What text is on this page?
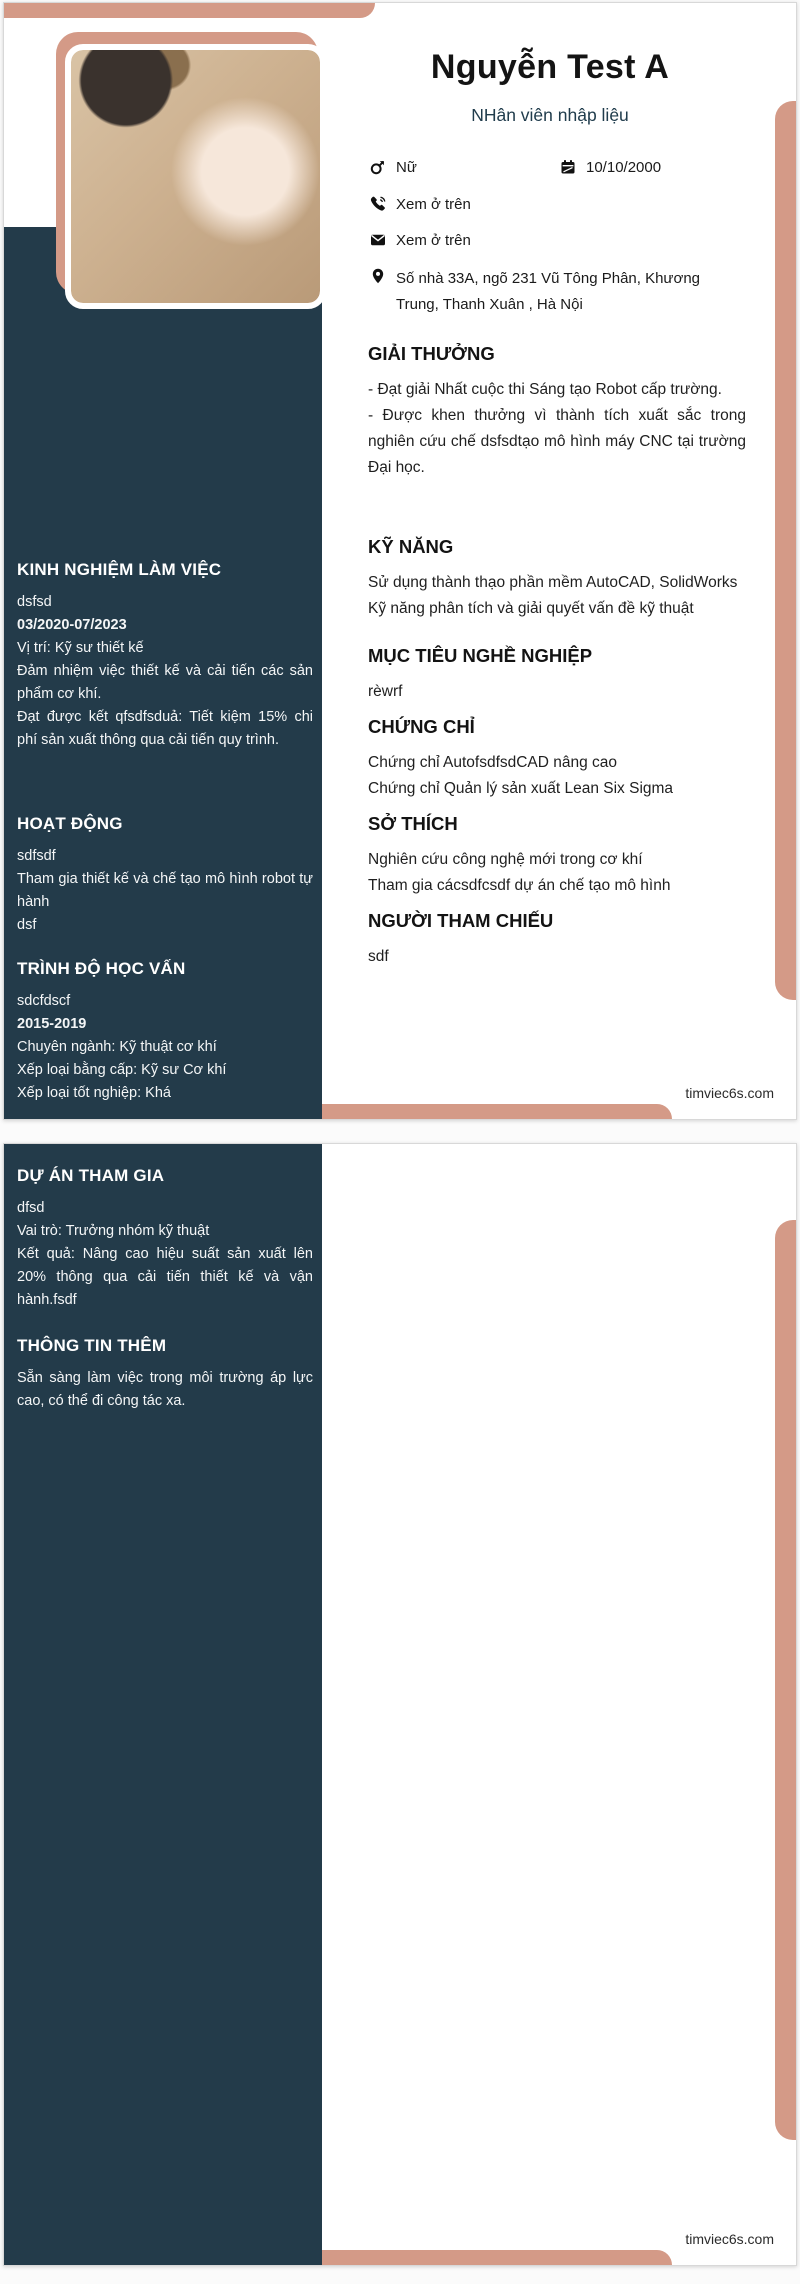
KINH NGHIỆM LÀM VIỆC

dsfsd

03/2020-07/2023

Vị trí: Kỹ sư thiết kế

Đảm nhiệm việc thiết kế và cải tiến các sản phẩm cơ khí.

Đạt được kết qfsdfsduả: Tiết kiệm 15% chi phí sản xuất thông qua cải tiến quy trình.

HOẠT ĐỘNG

sdfsdf

Tham gia thiết kế và chế tạo mô hình robot tự hành

dsf

TRÌNH ĐỘ HỌC VẤN

sdcfdscf

2015-2019

Chuyên ngành: Kỹ thuật cơ khí

Xếp loại bằng cấp: Kỹ sư Cơ khí

Xếp loại tốt nghiệp: Khá

Nguyễn Test A
NHân viên nhập liệu
Nữ	10/10/2000
Xem ở trên
Xem ở trên
Số nhà 33A, ngõ 231 Vũ Tông Phân, Khương Trung, Thanh Xuân , Hà Nội
GIẢI THƯỞNG

- Đạt giải Nhất cuộc thi Sáng tạo Robot cấp trường.

- Được khen thưởng vì thành tích xuất sắc trong nghiên cứu chế dsfsdtạo mô hình máy CNC tại trường Đại học.

KỸ NĂNG

Sử dụng thành thạo phần mềm AutoCAD, SolidWorks

Kỹ năng phân tích và giải quyết vấn đề kỹ thuật

MỤC TIÊU NGHỀ NGHIỆP

rèwrf

CHỨNG CHỈ

Chứng chỉ AutofsdfsdCAD nâng cao

Chứng chỉ Quản lý sản xuất Lean Six Sigma

SỞ THÍCH

Nghiên cứu công nghệ mới trong cơ khí

Tham gia cácsdfcsdf dự án chế tạo mô hình

NGƯỜI THAM CHIẾU

sdf

timviec6s.com
DỰ ÁN THAM GIA

dfsd

Vai trò: Trưởng nhóm kỹ thuật

Kết quả: Nâng cao hiệu suất sản xuất lên 20% thông qua cải tiến thiết kế và vận hành.fsdf

THÔNG TIN THÊM

Sẵn sàng làm việc trong môi trường áp lực cao, có thể đi công tác xa.

timviec6s.com
